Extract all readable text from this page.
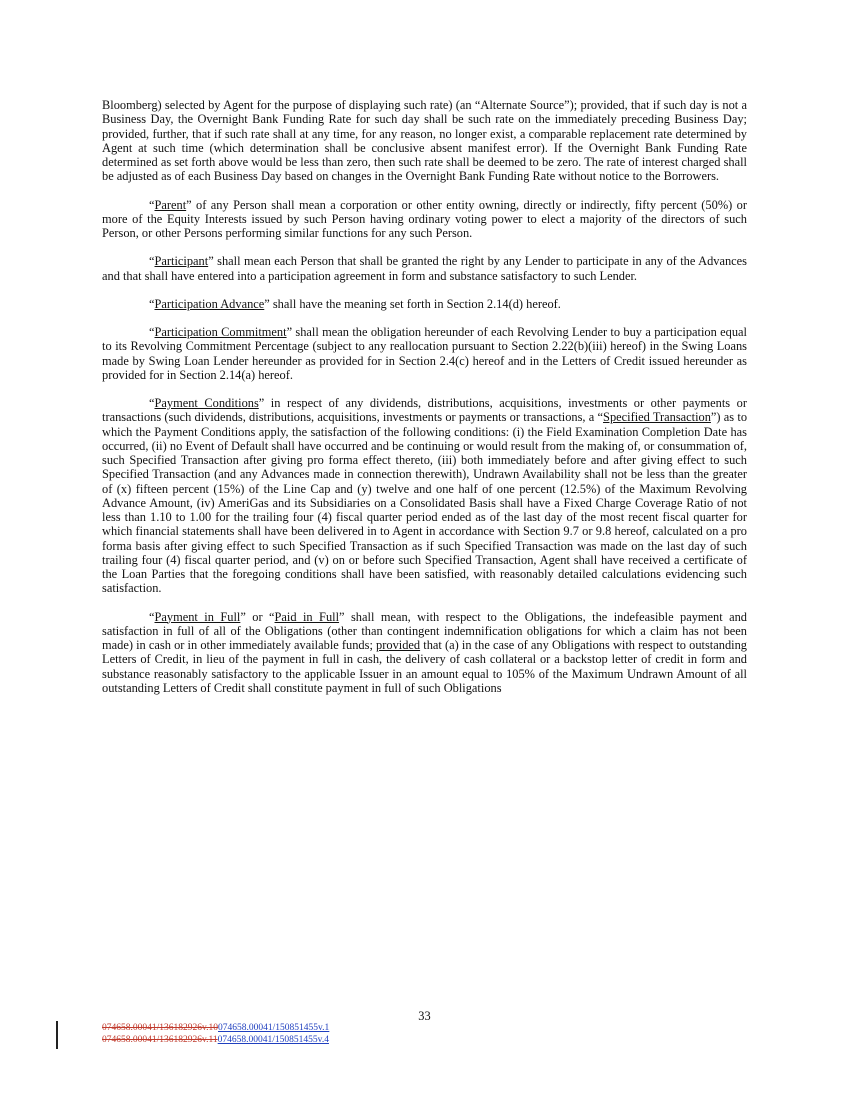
Bloomberg) selected by Agent for the purpose of displaying such rate) (an “Alternate Source”); provided, that if such day is not a Business Day, the Overnight Bank Funding Rate for such day shall be such rate on the immediately preceding Business Day; provided, further, that if such rate shall at any time, for any reason, no longer exist, a comparable replacement rate determined by Agent at such time (which determination shall be conclusive absent manifest error). If the Overnight Bank Funding Rate determined as set forth above would be less than zero, then such rate shall be deemed to be zero. The rate of interest charged shall be adjusted as of each Business Day based on changes in the Overnight Bank Funding Rate without notice to the Borrowers.

“Parent” of any Person shall mean a corporation or other entity owning, directly or indirectly, fifty percent (50%) or more of the Equity Interests issued by such Person having ordinary voting power to elect a majority of the directors of such Person, or other Persons performing similar functions for any such Person.

“Participant” shall mean each Person that shall be granted the right by any Lender to participate in any of the Advances and that shall have entered into a participation agreement in form and substance satisfactory to such Lender.

“Participation Advance” shall have the meaning set forth in Section 2.14(d) hereof.

“Participation Commitment” shall mean the obligation hereunder of each Revolving Lender to buy a participation equal to its Revolving Commitment Percentage (subject to any reallocation pursuant to Section 2.22(b)(iii) hereof) in the Swing Loans made by Swing Loan Lender hereunder as provided for in Section 2.4(c) hereof and in the Letters of Credit issued hereunder as provided for in Section 2.14(a) hereof.

“Payment Conditions” in respect of any dividends, distributions, acquisitions, investments or other payments or transactions (such dividends, distributions, acquisitions, investments or payments or transactions, a “Specified Transaction”) as to which the Payment Conditions apply, the satisfaction of the following conditions: (i) the Field Examination Completion Date has occurred, (ii) no Event of Default shall have occurred and be continuing or would result from the making of, or consummation of, such Specified Transaction after giving pro forma effect thereto, (iii) both immediately before and after giving effect to such Specified Transaction (and any Advances made in connection therewith), Undrawn Availability shall not be less than the greater of (x) fifteen percent (15%) of the Line Cap and (y) twelve and one half of one percent (12.5%) of the Maximum Revolving Advance Amount, (iv) AmeriGas and its Subsidiaries on a Consolidated Basis shall have a Fixed Charge Coverage Ratio of not less than 1.10 to 1.00 for the trailing four (4) fiscal quarter period ended as of the last day of the most recent fiscal quarter for which financial statements shall have been delivered in to Agent in accordance with Section 9.7 or 9.8 hereof, calculated on a pro forma basis after giving effect to such Specified Transaction as if such Specified Transaction was made on the last day of such trailing four (4) fiscal quarter period, and (v) on or before such Specified Transaction, Agent shall have received a certificate of the Loan Parties that the foregoing conditions shall have been satisfied, with reasonably detailed calculations evidencing such satisfaction.

“Payment in Full” or “Paid in Full” shall mean, with respect to the Obligations, the indefeasible payment and satisfaction in full of all of the Obligations (other than contingent indemnification obligations for which a claim has not been made) in cash or in other immediately available funds; provided that (a) in the case of any Obligations with respect to outstanding Letters of Credit, in lieu of the payment in full in cash, the delivery of cash collateral or a backstop letter of credit in form and substance reasonably satisfactory to the applicable Issuer in an amount equal to 105% of the Maximum Undrawn Amount of all outstanding Letters of Credit shall constitute payment in full of such Obligations

33
074658.00041/136182926v.10074658.00041/150851455v.1
074658.00041/136182926v.11074658.00041/150851455v.4
